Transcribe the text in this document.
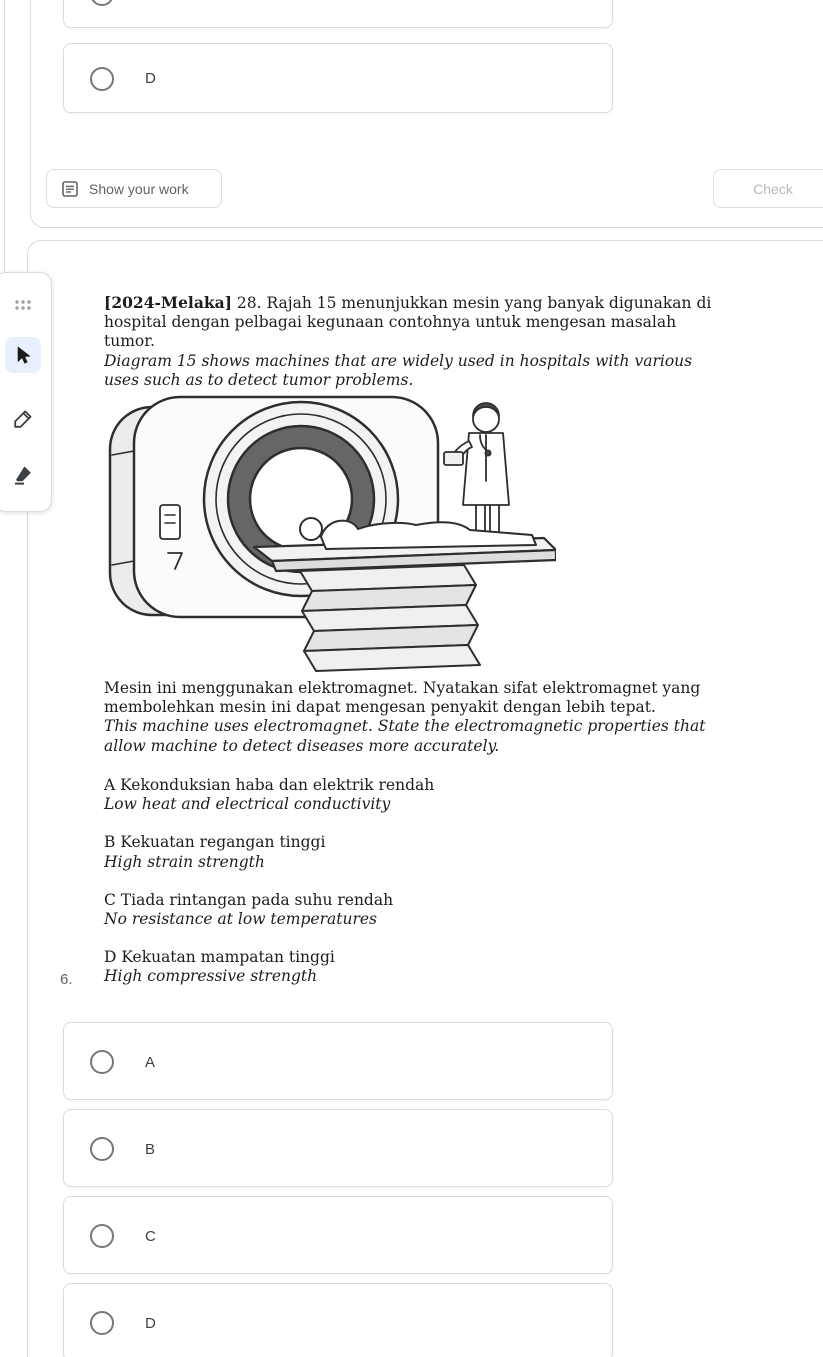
D
Show your work	Check
[2024-Melaka] 28. Rajah 15 menunjukkan mesin yang banyak digunakan di hospital dengan pelbagai kegunaan contohnya untuk mengesan masalah tumor.
Diagram 15 shows machines that are widely used in hospitals with various uses such as to detect tumor problems.
Mesin ini menggunakan elektromagnet. Nyatakan sifat elektromagnet yang membolehkan mesin ini dapat mengesan penyakit dengan lebih tepat.
This machine uses electromagnet. State the electromagnetic properties that allow machine to detect diseases more accurately.
A Kekonduksian haba dan elektrik rendah
Low heat and electrical conductivity
B Kekuatan regangan tinggi
High strain strength
C Tiada rintangan pada suhu rendah
No resistance at low temperatures
D Kekuatan mampatan tinggi
High compressive strength
6.
A
B
C
D
